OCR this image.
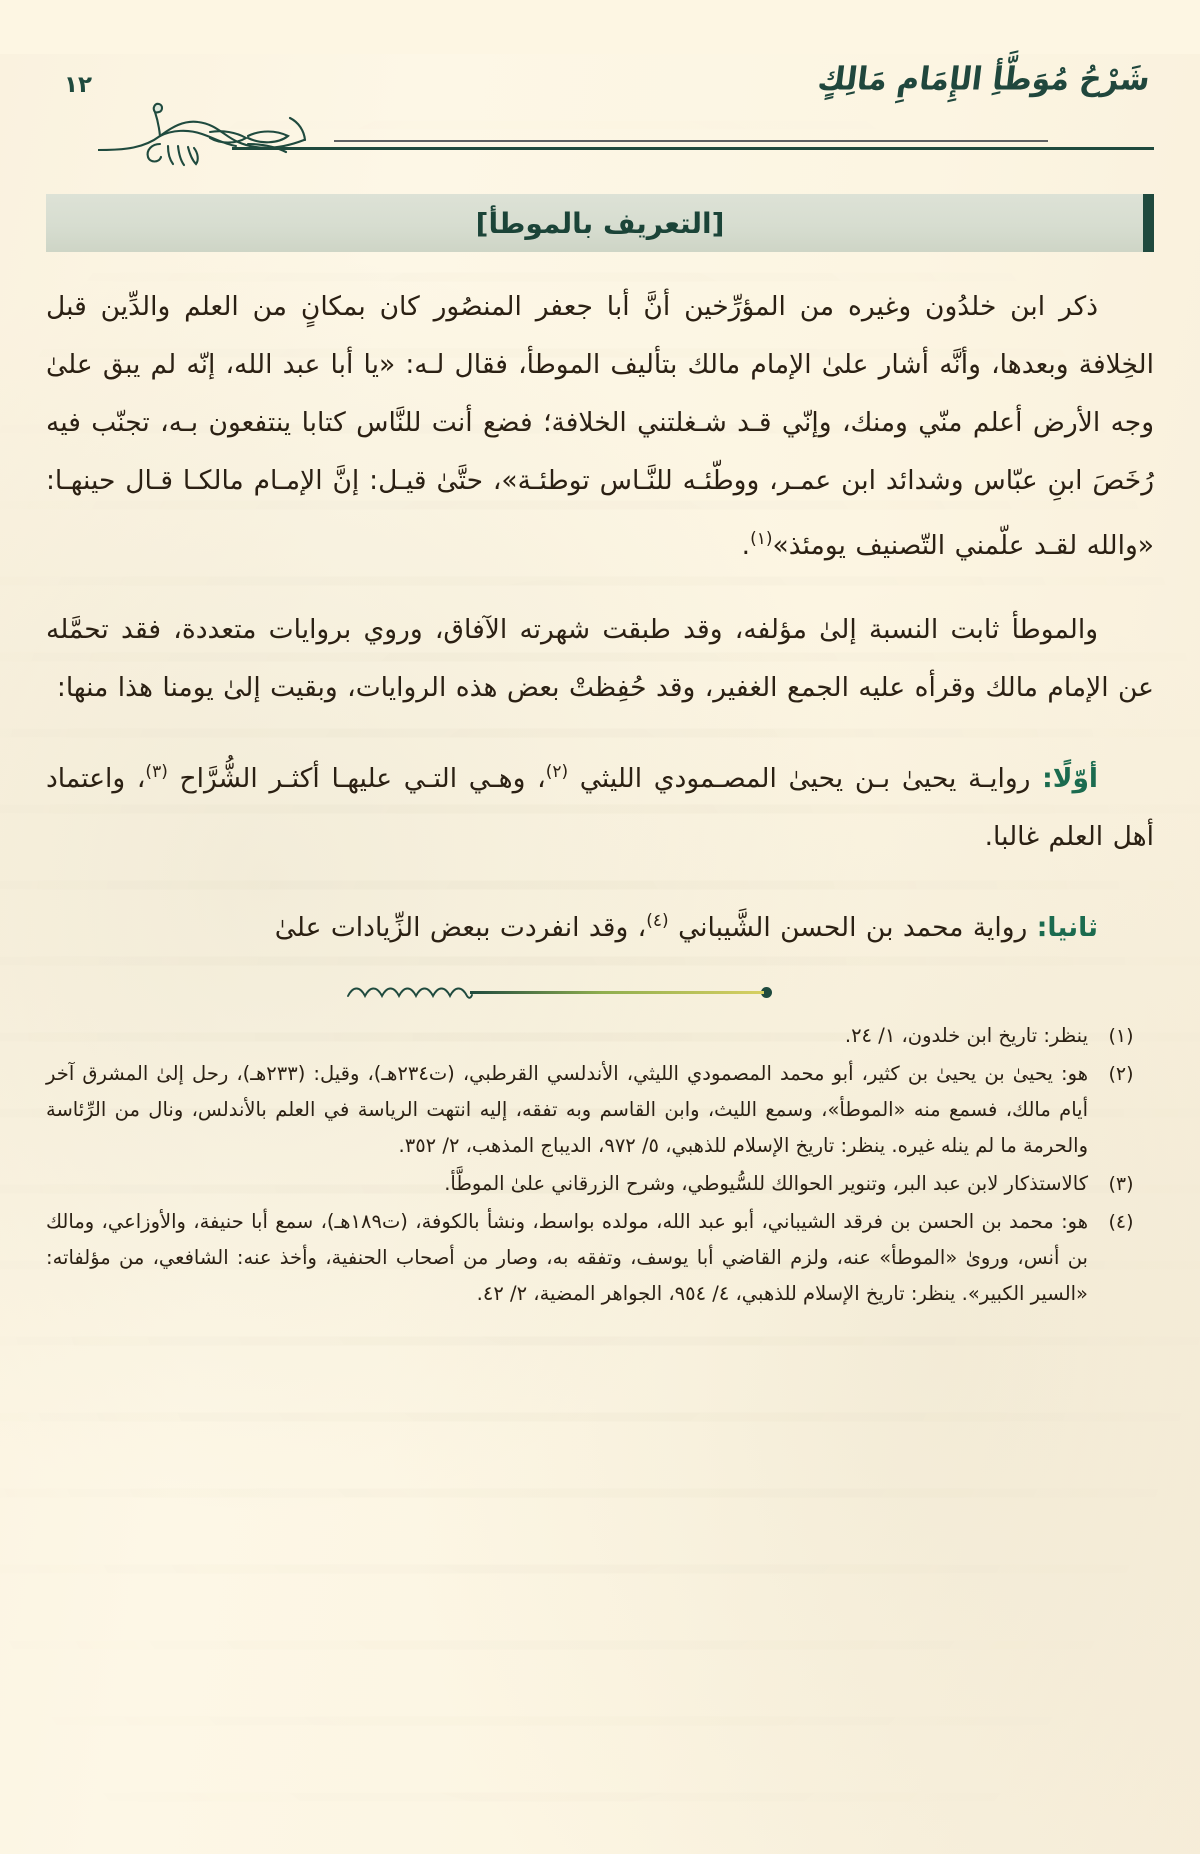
شَرْحُ مُوَطَّأِ الإِمَامِ مَالِكٍ
١٢
[التعريف بالموطأ]

ذكر ابن خلدُون وغيره من المؤرِّخين أنَّ أبا جعفر المنصُور كان بمكانٍ من العلم والدِّين قبل الخِلافة وبعدها، وأنَّه أشار علىٰ الإمام مالك بتأليف الموطأ، فقال لـه: «يا أبا عبد الله، إنّه لم يبق علىٰ وجه الأرض أعلم منّي ومنك، وإنّي قـد شـغلتني الخلافة؛ فضع أنت للنَّاس كتابا ينتفعون بـه، تجنّب فيه رُخَصَ ابنِ عبّاس وشدائد ابن عمـر، ووطّئـه للنَّـاس توطئـة»، حتَّىٰ قيـل: إنَّ الإمـام مالكـا قـال حينهـا: «والله لقـد علّمني التّصنيف يومئذ»$^{(١)}$.

والموطأ ثابت النسبة إلىٰ مؤلفه، وقد طبقت شهرته الآفاق، وروي بروايات متعددة، فقد تحمَّله عن الإمام مالك وقرأه عليه الجمع الغفير، وقد حُفِظتْ بعض هذه الروايات، وبقيت إلىٰ يومنا هذا منها:

أوّلًا: روايـة يحيىٰ بـن يحيىٰ المصـمودي الليثي $^{(٢)}$، وهـي التـي عليهـا أكثـر الشُّرَّاح $^{(٣)}$، واعتماد أهل العلم غالبا.

ثانيا: رواية محمد بن الحسن الشَّيباني $^{(٤)}$، وقد انفردت ببعض الزِّيادات علىٰ

(١)
ينظر: تاريخ ابن خلدون، ١/ ٢٤.
(٢)
هو: يحيىٰ بن يحيىٰ بن كثير، أبو محمد المصمودي الليثي، الأندلسي القرطبي، (ت٢٣٤هـ)، وقيل: (٢٣٣هـ)، رحل إلىٰ المشرق آخر أيام مالك، فسمع منه «الموطأ»، وسمع الليث، وابن القاسم وبه تفقه، إليه انتهت الرياسة في العلم بالأندلس، ونال من الرِّئاسة والحرمة ما لم ينله غيره. ينظر: تاريخ الإسلام للذهبي، ٥/ ٩٧٢، الديباج المذهب، ٢/ ٣٥٢.
(٣)
كالاستذكار لابن عبد البر، وتنوير الحوالك للسُّيوطي، وشرح الزرقاني علىٰ الموطَّأ.
(٤)
هو: محمد بن الحسن بن فرقد الشيباني، أبو عبد الله، مولده بواسط، ونشأ بالكوفة، (ت١٨٩هـ)، سمع أبا حنيفة، والأوزاعي، ومالك بن أنس، وروىٰ «الموطأ» عنه، ولزم القاضي أبا يوسف، وتفقه به، وصار من أصحاب الحنفية، وأخذ عنه: الشافعي، من مؤلفاته: «السير الكبير». ينظر: تاريخ الإسلام للذهبي، ٤/ ٩٥٤، الجواهر المضية، ٢/ ٤٢.
